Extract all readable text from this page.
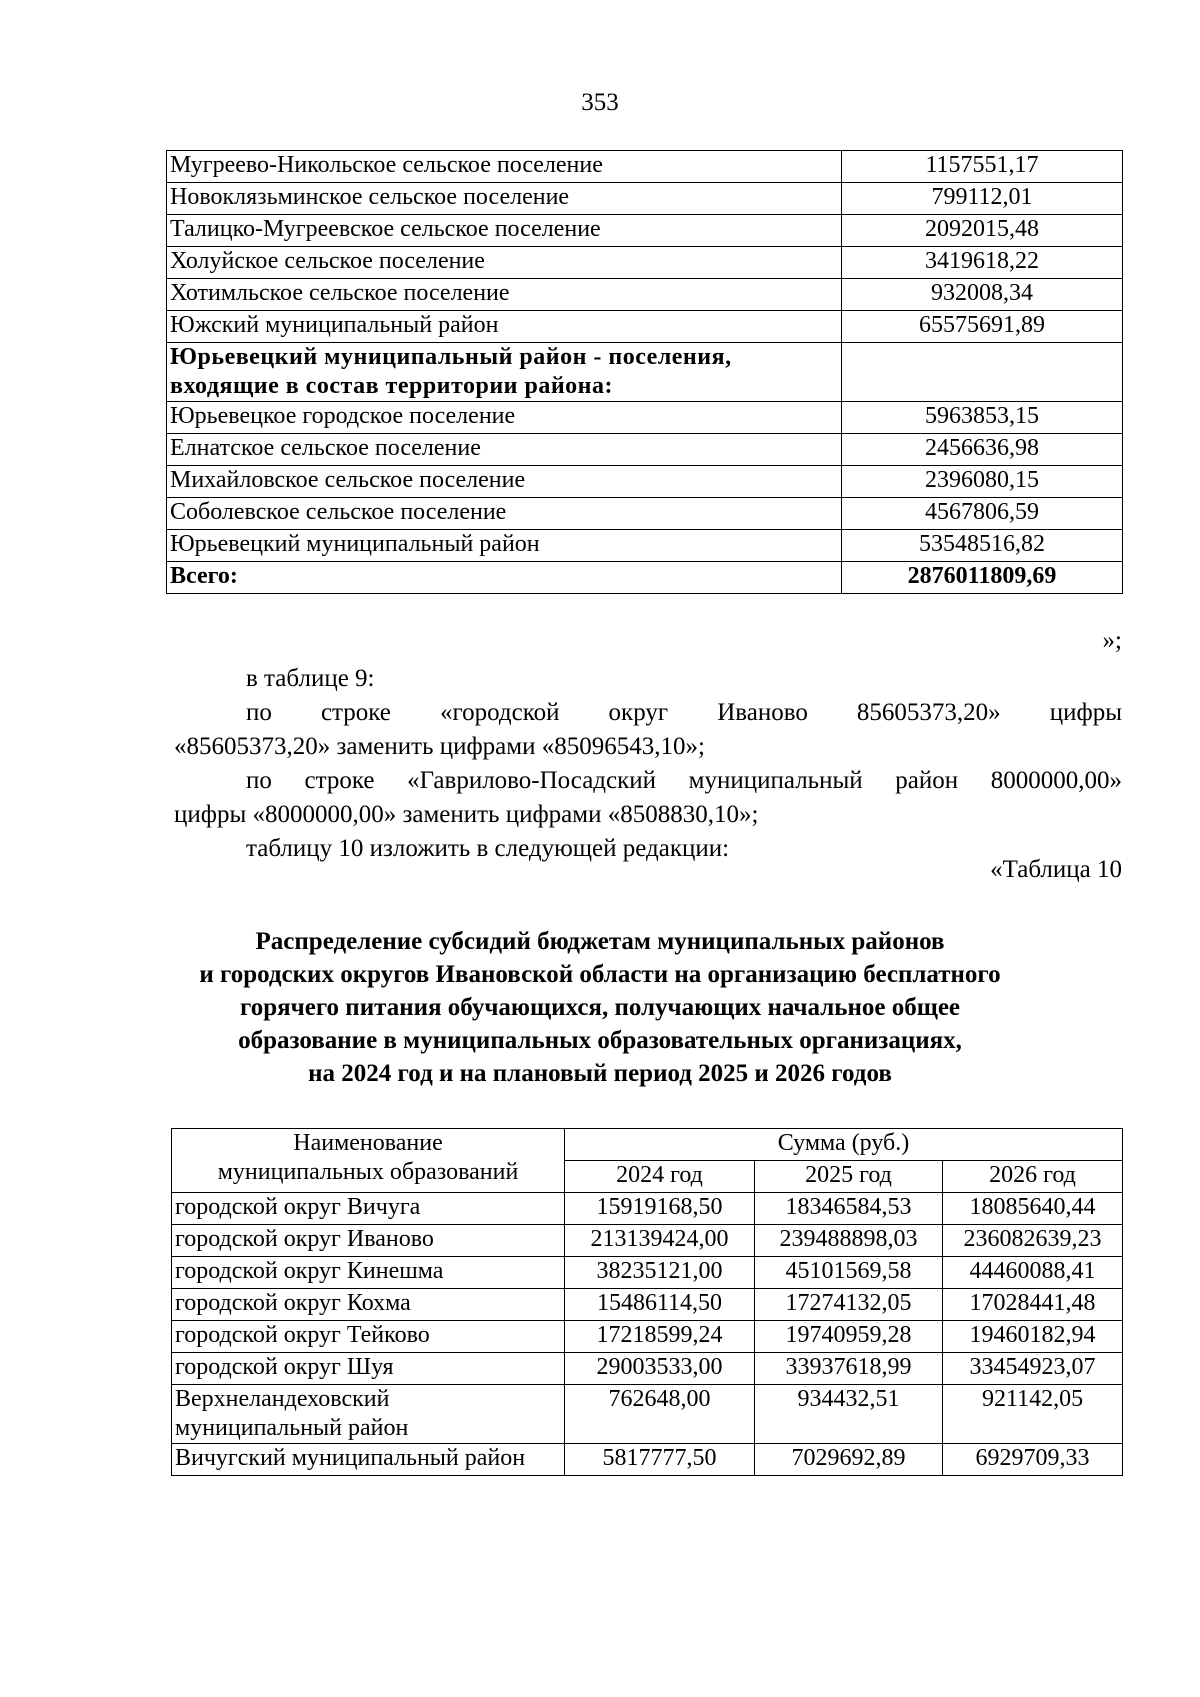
353
Мугреево-Никольское сельское поселение	1157551,17
Новоклязьминское сельское поселение	799112,01
Талицко-Мугреевское сельское поселение	2092015,48
Холуйское сельское поселение	3419618,22
Хотимльское сельское поселение	932008,34
Южский муниципальный район	65575691,89
Юрьевецкий муниципальный район - поселения, входящие в состав территории района:	
Юрьевецкое городское поселение	5963853,15
Елнатское сельское поселение	2456636,98
Михайловское сельское поселение	2396080,15
Соболевское сельское поселение	4567806,59
Юрьевецкий муниципальный район	53548516,82
Всего:	2876011809,69
»;
в таблице 9:
по строке «городской округ Иваново 85605373,20» цифры
«85605373,20» заменить цифрами «85096543,10»;
по строке «Гаврилово-Посадский муниципальный район 8000000,00»
цифры «8000000,00» заменить цифрами «8508830,10»;
таблицу 10 изложить в следующей редакции:
«Таблица 10
Распределение субсидий бюджетам муниципальных районов
и городских округов Ивановской области на организацию бесплатного
горячего питания обучающихся, получающих начальное общее
образование в муниципальных образовательных организациях,
на 2024 год и на плановый период 2025 и 2026 годов
Наименование
муниципальных образований	Сумма (руб.)		
	2024 год	2025 год	2026 год
городской округ Вичуга	15919168,50	18346584,53	18085640,44
городской округ Иваново	213139424,00	239488898,03	236082639,23
городской округ Кинешма	38235121,00	45101569,58	44460088,41
городской округ Кохма	15486114,50	17274132,05	17028441,48
городской округ Тейково	17218599,24	19740959,28	19460182,94
городской округ Шуя	29003533,00	33937618,99	33454923,07
Верхнеландеховский муниципальный район	762648,00	934432,51	921142,05
Вичугский муниципальный район	5817777,50	7029692,89	6929709,33
